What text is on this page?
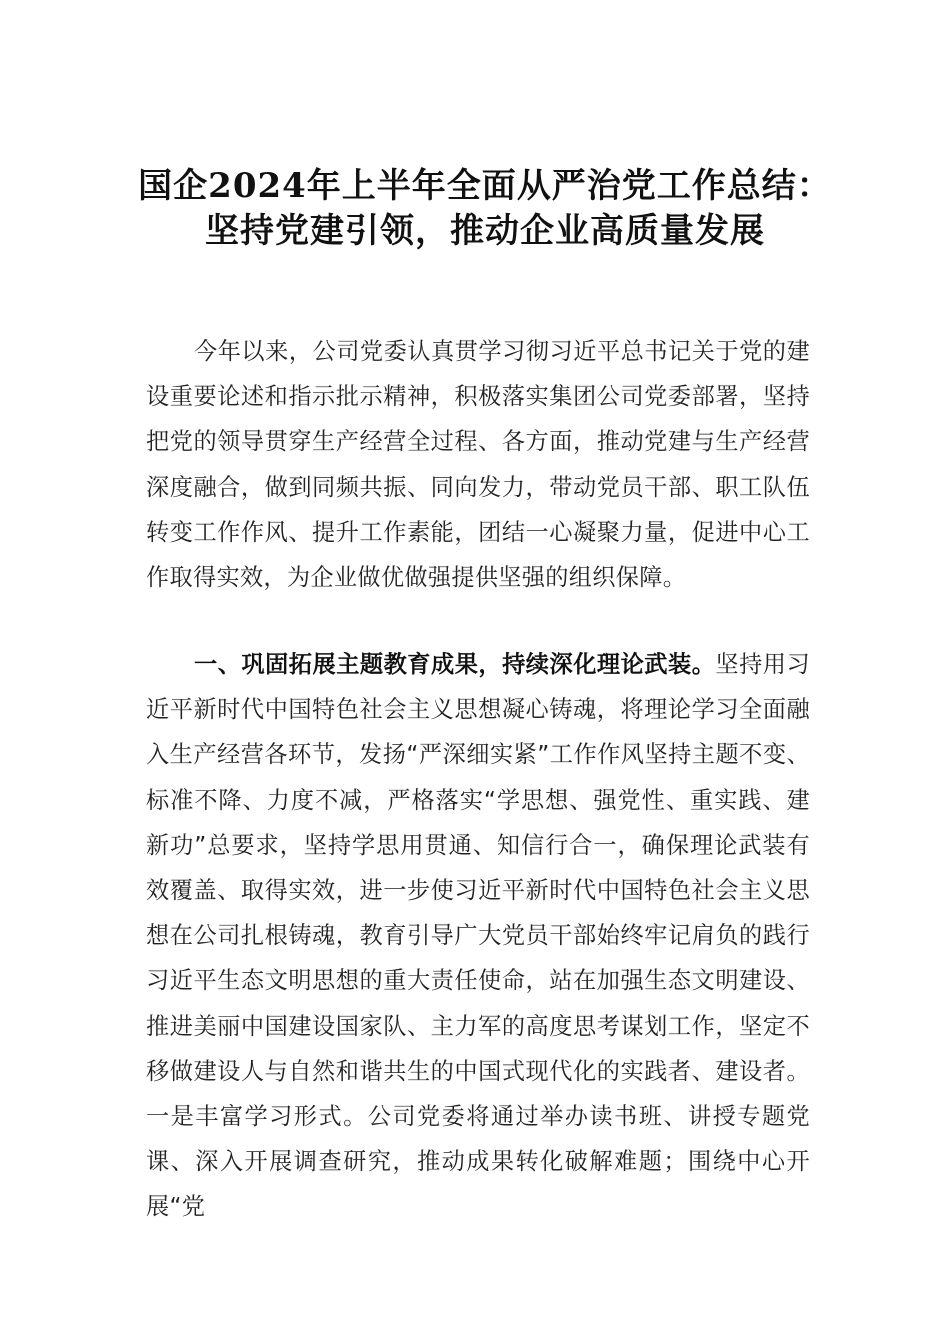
国企2024年上半年全面从严治党工作总结：
坚持党建引领，推动企业高质量发展

今年以来，公司党委认真贯学习彻习近平总书记关于党的建设重要论述和指示批示精神，积极落实集团公司党委部署，坚持把党的领导贯穿生产经营全过程、各方面，推动党建与生产经营深度融合，做到同频共振、同向发力，带动党员干部、职工队伍转变工作作风、提升工作素能，团结一心凝聚力量，促进中心工作取得实效，为企业做优做强提供坚强的组织保障。

一、巩固拓展主题教育成果，持续深化理论武装。坚持用习近平新时代中国特色社会主义思想凝心铸魂，将理论学习全面融入生产经营各环节，发扬“严深细实紧”工作作风坚持主题不变、标准不降、力度不减，严格落实“学思想、强党性、重实践、建新功”总要求，坚持学思用贯通、知信行合一，确保理论武装有效覆盖、取得实效，进一步使习近平新时代中国特色社会主义思想在公司扎根铸魂，教育引导广大党员干部始终牢记肩负的践行习近平生态文明思想的重大责任使命，站在加强生态文明建设、推进美丽中国建设国家队、主力军的高度思考谋划工作，坚定不移做建设人与自然和谐共生的中国式现代化的实践者、建设者。一是丰富学习形式。公司党委将通过举办读书班、讲授专题党课、深入开展调查研究，推动成果转化破解难题；围绕中心开展“党
